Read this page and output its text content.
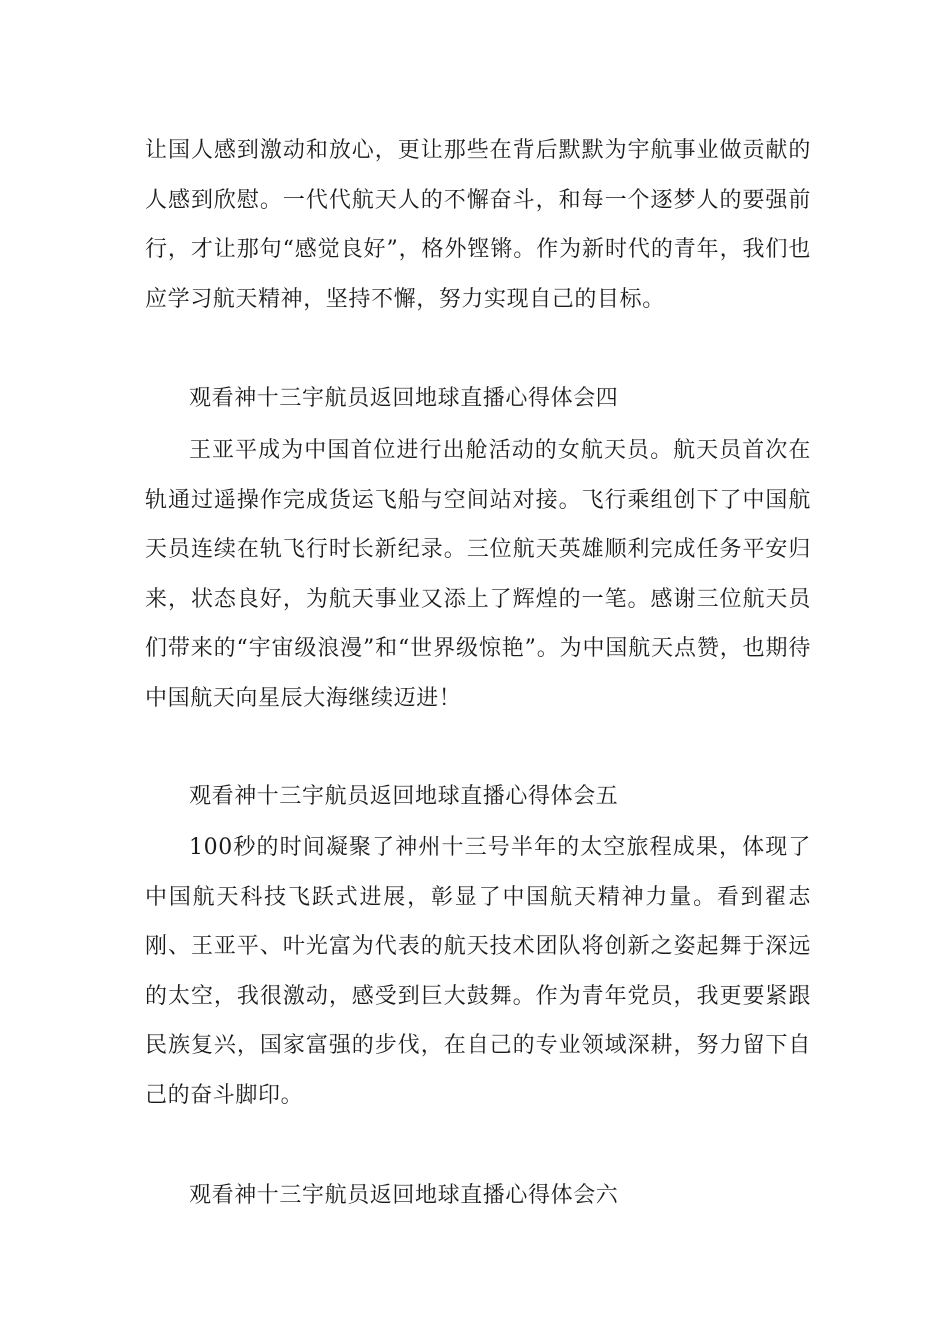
让国人感到激动和放心，更让那些在背后默默为宇航事业做贡献的人感到欣慰。一代代航天人的不懈奋斗，和每一个逐梦人的要强前行，才让那句“感觉良好”，格外铿锵。作为新时代的青年，我们也应学习航天精神，坚持不懈，努力实现自己的目标。

观看神十三宇航员返回地球直播心得体会四

王亚平成为中国首位进行出舱活动的女航天员。航天员首次在轨通过遥操作完成货运飞船与空间站对接。飞行乘组创下了中国航天员连续在轨飞行时长新纪录。三位航天英雄顺利完成任务平安归来，状态良好，为航天事业又添上了辉煌的一笔。感谢三位航天员们带来的“宇宙级浪漫”和“世界级惊艳”。为中国航天点赞，也期待中国航天向星辰大海继续迈进！

观看神十三宇航员返回地球直播心得体会五

100秒的时间凝聚了神州十三号半年的太空旅程成果，体现了中国航天科技飞跃式进展，彰显了中国航天精神力量。看到翟志刚、王亚平、叶光富为代表的航天技术团队将创新之姿起舞于深远的太空，我很激动，感受到巨大鼓舞。作为青年党员，我更要紧跟民族复兴，国家富强的步伐，在自己的专业领域深耕，努力留下自己的奋斗脚印。

观看神十三宇航员返回地球直播心得体会六
